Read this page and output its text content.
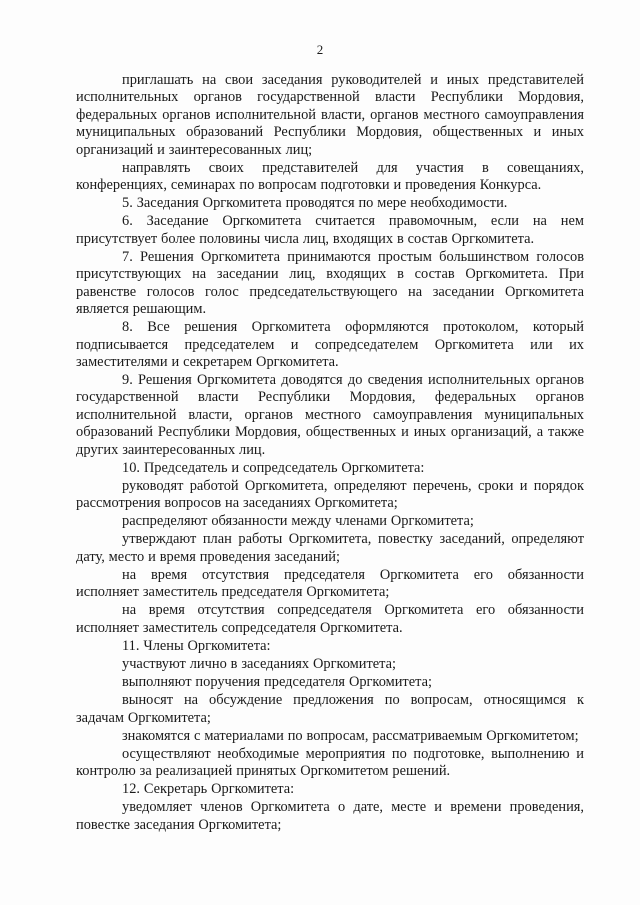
2

приглашать на свои заседания руководителей и иных представителей исполнительных органов государственной власти Республики Мордовия, федеральных органов исполнительной власти, органов местного самоуправления муниципальных образований Республики Мордовия, общественных и иных организаций и заинтересованных лиц;

направлять своих представителей для участия в совещаниях, конференциях, семинарах по вопросам подготовки и проведения Конкурса.

5. Заседания Оргкомитета проводятся по мере необходимости.

6. Заседание Оргкомитета считается правомочным, если на нем присутствует более половины числа лиц, входящих в состав Оргкомитета.

7. Решения Оргкомитета принимаются простым большинством голосов присутствующих на заседании лиц, входящих в состав Оргкомитета. При равенстве голосов голос председательствующего на заседании Оргкомитета является решающим.

8. Все решения Оргкомитета оформляются протоколом, который подписывается председателем и сопредседателем Оргкомитета или их заместителями и секретарем Оргкомитета.

9. Решения Оргкомитета доводятся до сведения исполнительных органов государственной власти Республики Мордовия, федеральных органов исполнительной власти, органов местного самоуправления муниципальных образований Республики Мордовия, общественных и иных организаций, а также других заинтересованных лиц.

10. Председатель и сопредседатель Оргкомитета:

руководят работой Оргкомитета, определяют перечень, сроки и порядок рассмотрения вопросов на заседаниях Оргкомитета;

распределяют обязанности между членами Оргкомитета;

утверждают план работы Оргкомитета, повестку заседаний, определяют дату, место и время проведения заседаний;

на время отсутствия председателя Оргкомитета его обязанности исполняет заместитель председателя Оргкомитета;

на время отсутствия сопредседателя Оргкомитета его обязанности исполняет заместитель сопредседателя Оргкомитета.

11. Члены Оргкомитета:

участвуют лично в заседаниях Оргкомитета;

выполняют поручения председателя Оргкомитета;

выносят на обсуждение предложения по вопросам, относящимся к задачам Оргкомитета;

знакомятся с материалами по вопросам, рассматриваемым Оргкомитетом;

осуществляют необходимые мероприятия по подготовке, выполнению и контролю за реализацией принятых Оргкомитетом решений.

12. Секретарь Оргкомитета:

уведомляет членов Оргкомитета о дате, месте и времени проведения, повестке заседания Оргкомитета;
